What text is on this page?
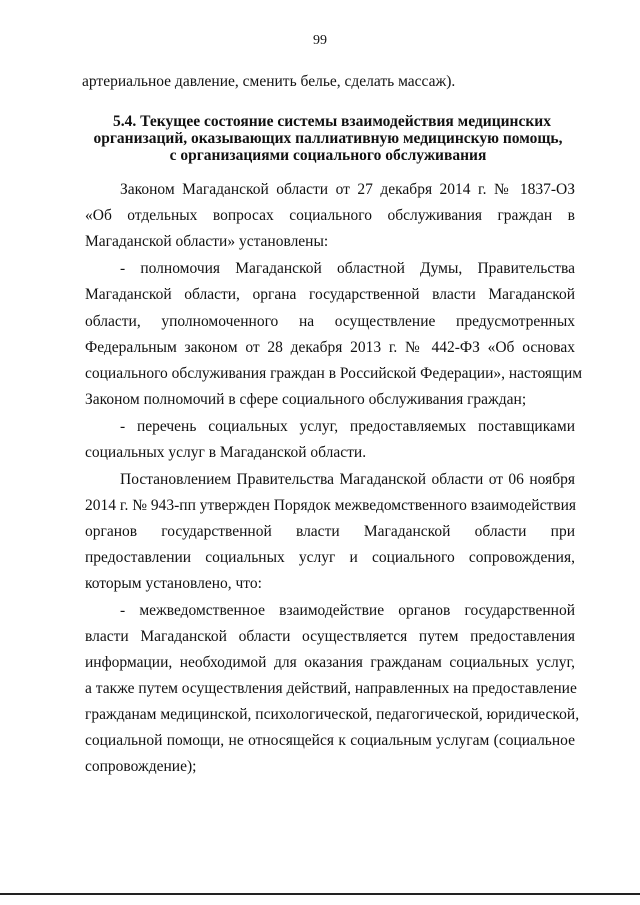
99
артериальное давление, сменить белье, сделать массаж).
5.4. Текущее состояние системы взаимодействия медицинских
организаций, оказывающих паллиативную медицинскую помощь,
с организациями социального обслуживания
Законом Магаданской области от 27 декабря 2014 г. № 1837-ОЗ
«Об отдельных вопросах социального обслуживания граждан в
Магаданской области» установлены:
- полномочия Магаданской областной Думы, Правительства
Магаданской области, органа государственной власти Магаданской
области, уполномоченного на осуществление предусмотренных
Федеральным законом от 28 декабря 2013 г. № 442-ФЗ «Об основах
социального обслуживания граждан в Российской Федерации», настоящим
Законом полномочий в сфере социального обслуживания граждан;
- перечень социальных услуг, предоставляемых поставщиками
социальных услуг в Магаданской области.
Постановлением Правительства Магаданской области от 06 ноября
2014 г. № 943-пп утвержден Порядок межведомственного взаимодействия
органов государственной власти Магаданской области при
предоставлении социальных услуг и социального сопровождения,
которым установлено, что:
- межведомственное взаимодействие органов государственной
власти Магаданской области осуществляется путем предоставления
информации, необходимой для оказания гражданам социальных услуг,
а также путем осуществления действий, направленных на предоставление
гражданам медицинской, психологической, педагогической, юридической,
социальной помощи, не относящейся к социальным услугам (социальное
сопровождение);
